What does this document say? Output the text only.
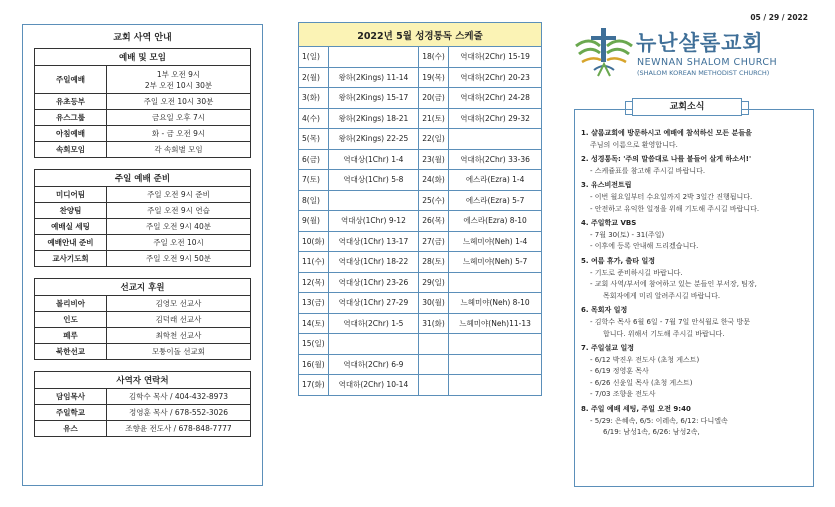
교회 사역 안내
예배 및 모임	
주일예배	1부 오전 9시
2부 오전 10시 30분

유초등부	주일 오전 10시 30분
유스그룹	금요일 오후 7시
아침예배	화 - 금 오전 9시
속회모임	각 속회별 모임
주일 예배 준비	
미디어팀	주일 오전 9시 준비
찬양팀	주일 오전 9시 연습
예배실 세팅	주일 오전 9시 40분
예배안내 준비	주일 오전 10시
교사기도회	주일 오전 9시 50분
선교지 후원	
볼리비아	김영모 선교사
인도	김덕래 선교사
페루	최학천 선교사
북한선교	모퉁이돌 선교회
사역자 연락처	
담임목사	김학수 목사 / 404-432-8973
주일학교	정영훈 목사 / 678-552-3026
유스	조향윤 전도사 / 678-848-7777
2022년 5월 성경통독 스케줄			
1(일)		18(수)	역대하(2Chr) 15-19
2(월)	왕하(2Kings) 11-14	19(목)	역대하(2Chr) 20-23
3(화)	왕하(2Kings) 15-17	20(금)	역대하(2Chr) 24-28
4(수)	왕하(2Kings) 18-21	21(토)	역대하(2Chr) 29-32
5(목)	왕하(2Kings) 22-25	22(일)	
6(금)	역대상(1Chr) 1-4	23(월)	역대하(2Chr) 33-36
7(토)	역대상(1Chr) 5-8	24(화)	에스라(Ezra) 1-4
8(일)		25(수)	에스라(Ezra) 5-7
9(월)	역대상(1Chr) 9-12	26(목)	에스라(Ezra) 8-10
10(화)	역대상(1Chr) 13-17	27(금)	느헤미야(Neh) 1-4
11(수)	역대상(1Chr) 18-22	28(토)	느헤미야(Neh) 5-7
12(목)	역대상(1Chr) 23-26	29(일)	
13(금)	역대상(1Chr) 27-29	30(월)	느헤미야(Neh) 8-10
14(토)	역대하(2Chr) 1-5	31(화)	느헤미야(Neh)11-13
15(일)			
16(월)	역대하(2Chr) 6-9		
17(화)	역대하(2Chr) 10-14		
05 / 29 / 2022
뉴난샬롬교회
NEWNAN SHALOM CHURCH
(SHALOM KOREAN METHODIST CHURCH)
1. 샬롬교회에 방문하시고 예배에 참석하신 모든 분들을
주님의 이름으로 환영합니다.
2. 성경통독: '주의 말씀대로 나를 붙들어 살게 하소서!'
- 스케쥴표를 참고해 주시길 바랍니다.
3. 유스비전트립
- 이번 월요일부터 수요일까지 2박 3일간 진행됩니다.
- 안전하고 유익한 일정을 위해 기도해 주시길 바랍니다.
4. 주일학교 VBS
- 7월 30(토) - 31(주일)
- 이후에 등록 안내해 드리겠습니다.
5. 여름 휴가, 출타 일정
- 기도로 준비하시길 바랍니다.
- 교회 사역/부서에 참여하고 있는 분들인 부서장, 팀장,
목회자에게 미리 알려주시길 바랍니다.
6. 목회자 일정
- 김학수 목사 6월 6일 - 7월 7일 안식월로 한국 방문
합니다. 위해서 기도해 주시길 바랍니다.
7. 주일설교 일정
- 6/12 박진우 전도사 (초청 게스트)
- 6/19 정영훈 목사
- 6/26 신윤일 목사 (초청 게스트)
- 7/03 조향윤 전도사
8. 주일 예배 세팅, 주일 오전 9:40
- 5/29: 은혜속, 6/5: 이레속, 6/12: 다니엘속
6/19: 남성1속, 6/26: 남성2속,
교회소식
